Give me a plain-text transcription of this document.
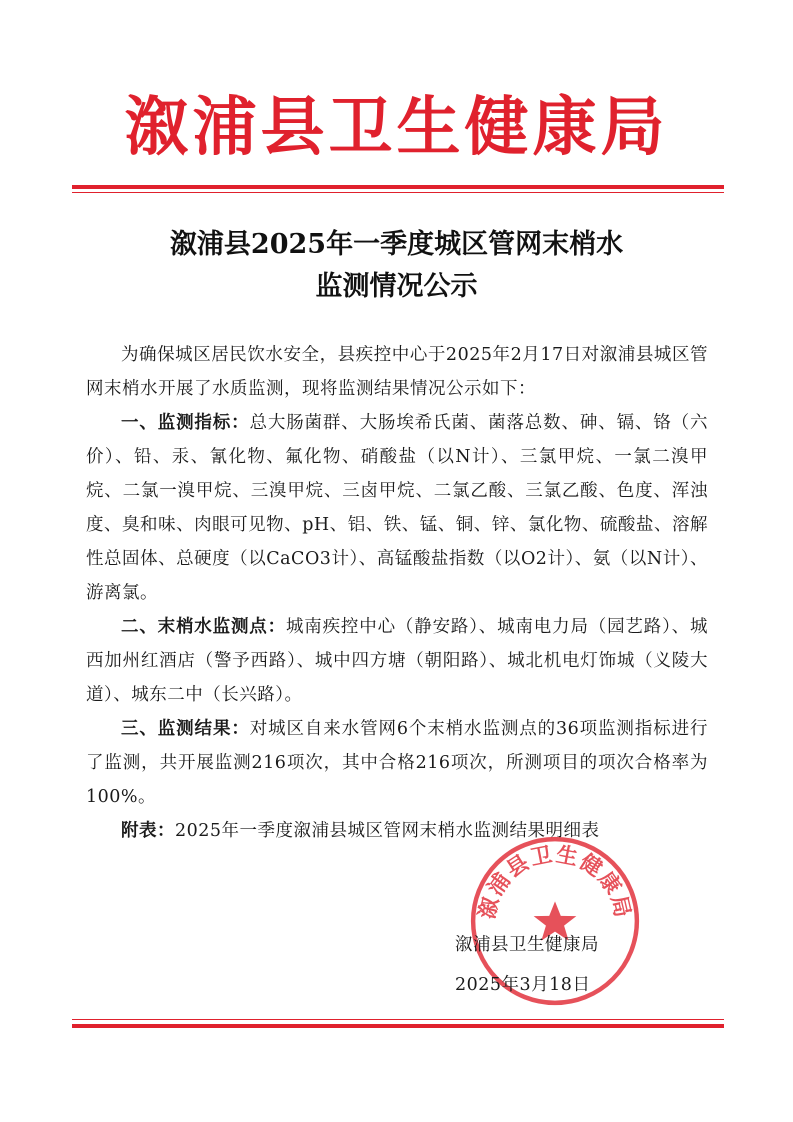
溆浦县卫生健康局
溆浦县2025年一季度城区管网末梢水
监测情况公示

为确保城区居民饮水安全，县疾控中心于2025年2月17日对溆浦县城区管网末梢水开展了水质监测，现将监测结果情况公示如下：

一、监测指标：总大肠菌群、大肠埃希氏菌、菌落总数、砷、镉、铬（六价）、铅、汞、氰化物、氟化物、硝酸盐（以N计）、三氯甲烷、一氯二溴甲烷、二氯一溴甲烷、三溴甲烷、三卤甲烷、二氯乙酸、三氯乙酸、色度、浑浊度、臭和味、肉眼可见物、pH、铝、铁、锰、铜、锌、氯化物、硫酸盐、溶解性总固体、总硬度（以CaCO3计）、高锰酸盐指数（以O2计）、氨（以N计）、游离氯。

二、末梢水监测点：城南疾控中心（静安路）、城南电力局（园艺路）、城西加州红酒店（警予西路）、城中四方塘（朝阳路）、城北机电灯饰城（义陵大道）、城东二中（长兴路）。

三、监测结果：对城区自来水管网6个末梢水监测点的36项监测指标进行了监测，共开展监测216项次，其中合格216项次，所测项目的项次合格率为100%。

附表：2025年一季度溆浦县城区管网末梢水监测结果明细表

溆浦县卫生健康局
溆浦县卫生健康局
2025年3月18日
